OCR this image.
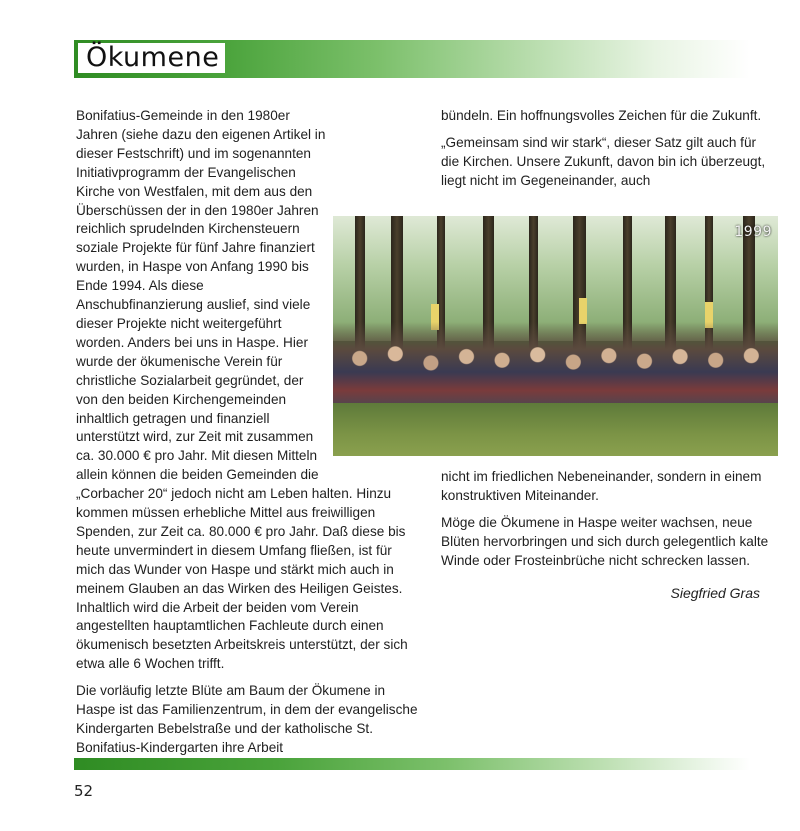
Ökumene

Bonifatius-Gemeinde in den 1980er Jahren (siehe dazu den eigenen Artikel in dieser Festschrift) und im sogenannten Initiativprogramm der Evangelischen Kirche von Westfalen, mit dem aus den Überschüssen der in den 1980er Jahren reichlich sprudelnden Kirchensteuern soziale Projekte für fünf Jahre finanziert wurden, in Haspe von Anfang 1990 bis Ende 1994. Als diese Anschubfinanzierung auslief, sind viele dieser Projekte nicht weitergeführt worden. Anders bei uns in Haspe. Hier wurde der ökumenische Verein für christliche Sozialarbeit gegründet, der von den beiden Kirchengemeinden inhaltlich getragen und finanziell unterstützt wird, zur Zeit mit zusammen ca. 30.000 € pro Jahr. Mit diesen Mitteln allein können die beiden Gemeinden die „Corbacher 20“ jedoch nicht am Leben halten. Hinzu kommen müssen erhebliche Mittel aus freiwilligen Spenden, zur Zeit ca. 80.000 € pro Jahr. Daß diese bis heute unvermindert in diesem Umfang fließen, ist für mich das Wunder von Haspe und stärkt mich auch in meinem Glauben an das Wirken des Heiligen Geistes. Inhaltlich wird die Arbeit der beiden vom Verein angestellten hauptamtlichen Fachleute durch einen ökumenisch besetzten Arbeitskreis unterstützt, der sich etwa alle 6 Wochen trifft.

Die vorläufig letzte Blüte am Baum der Ökumene in Haspe ist das Familienzentrum, in dem der evangelische Kindergarten Bebelstraße und der katholische St. Bonifatius-Kindergarten ihre Arbeit

bündeln. Ein hoffnungsvolles Zeichen für die Zukunft.

„Gemeinsam sind wir stark“, dieser Satz gilt auch für die Kirchen. Unsere Zukunft, davon bin ich überzeugt, liegt nicht im Gegeneinander, auch

1999

nicht im friedlichen Nebeneinander, sondern in einem konstruktiven Miteinander.

Möge die Ökumene in Haspe weiter wachsen, neue Blüten hervorbringen und sich durch gelegentlich kalte Winde oder Frosteinbrüche nicht schrecken lassen.

Siegfried Gras
52
